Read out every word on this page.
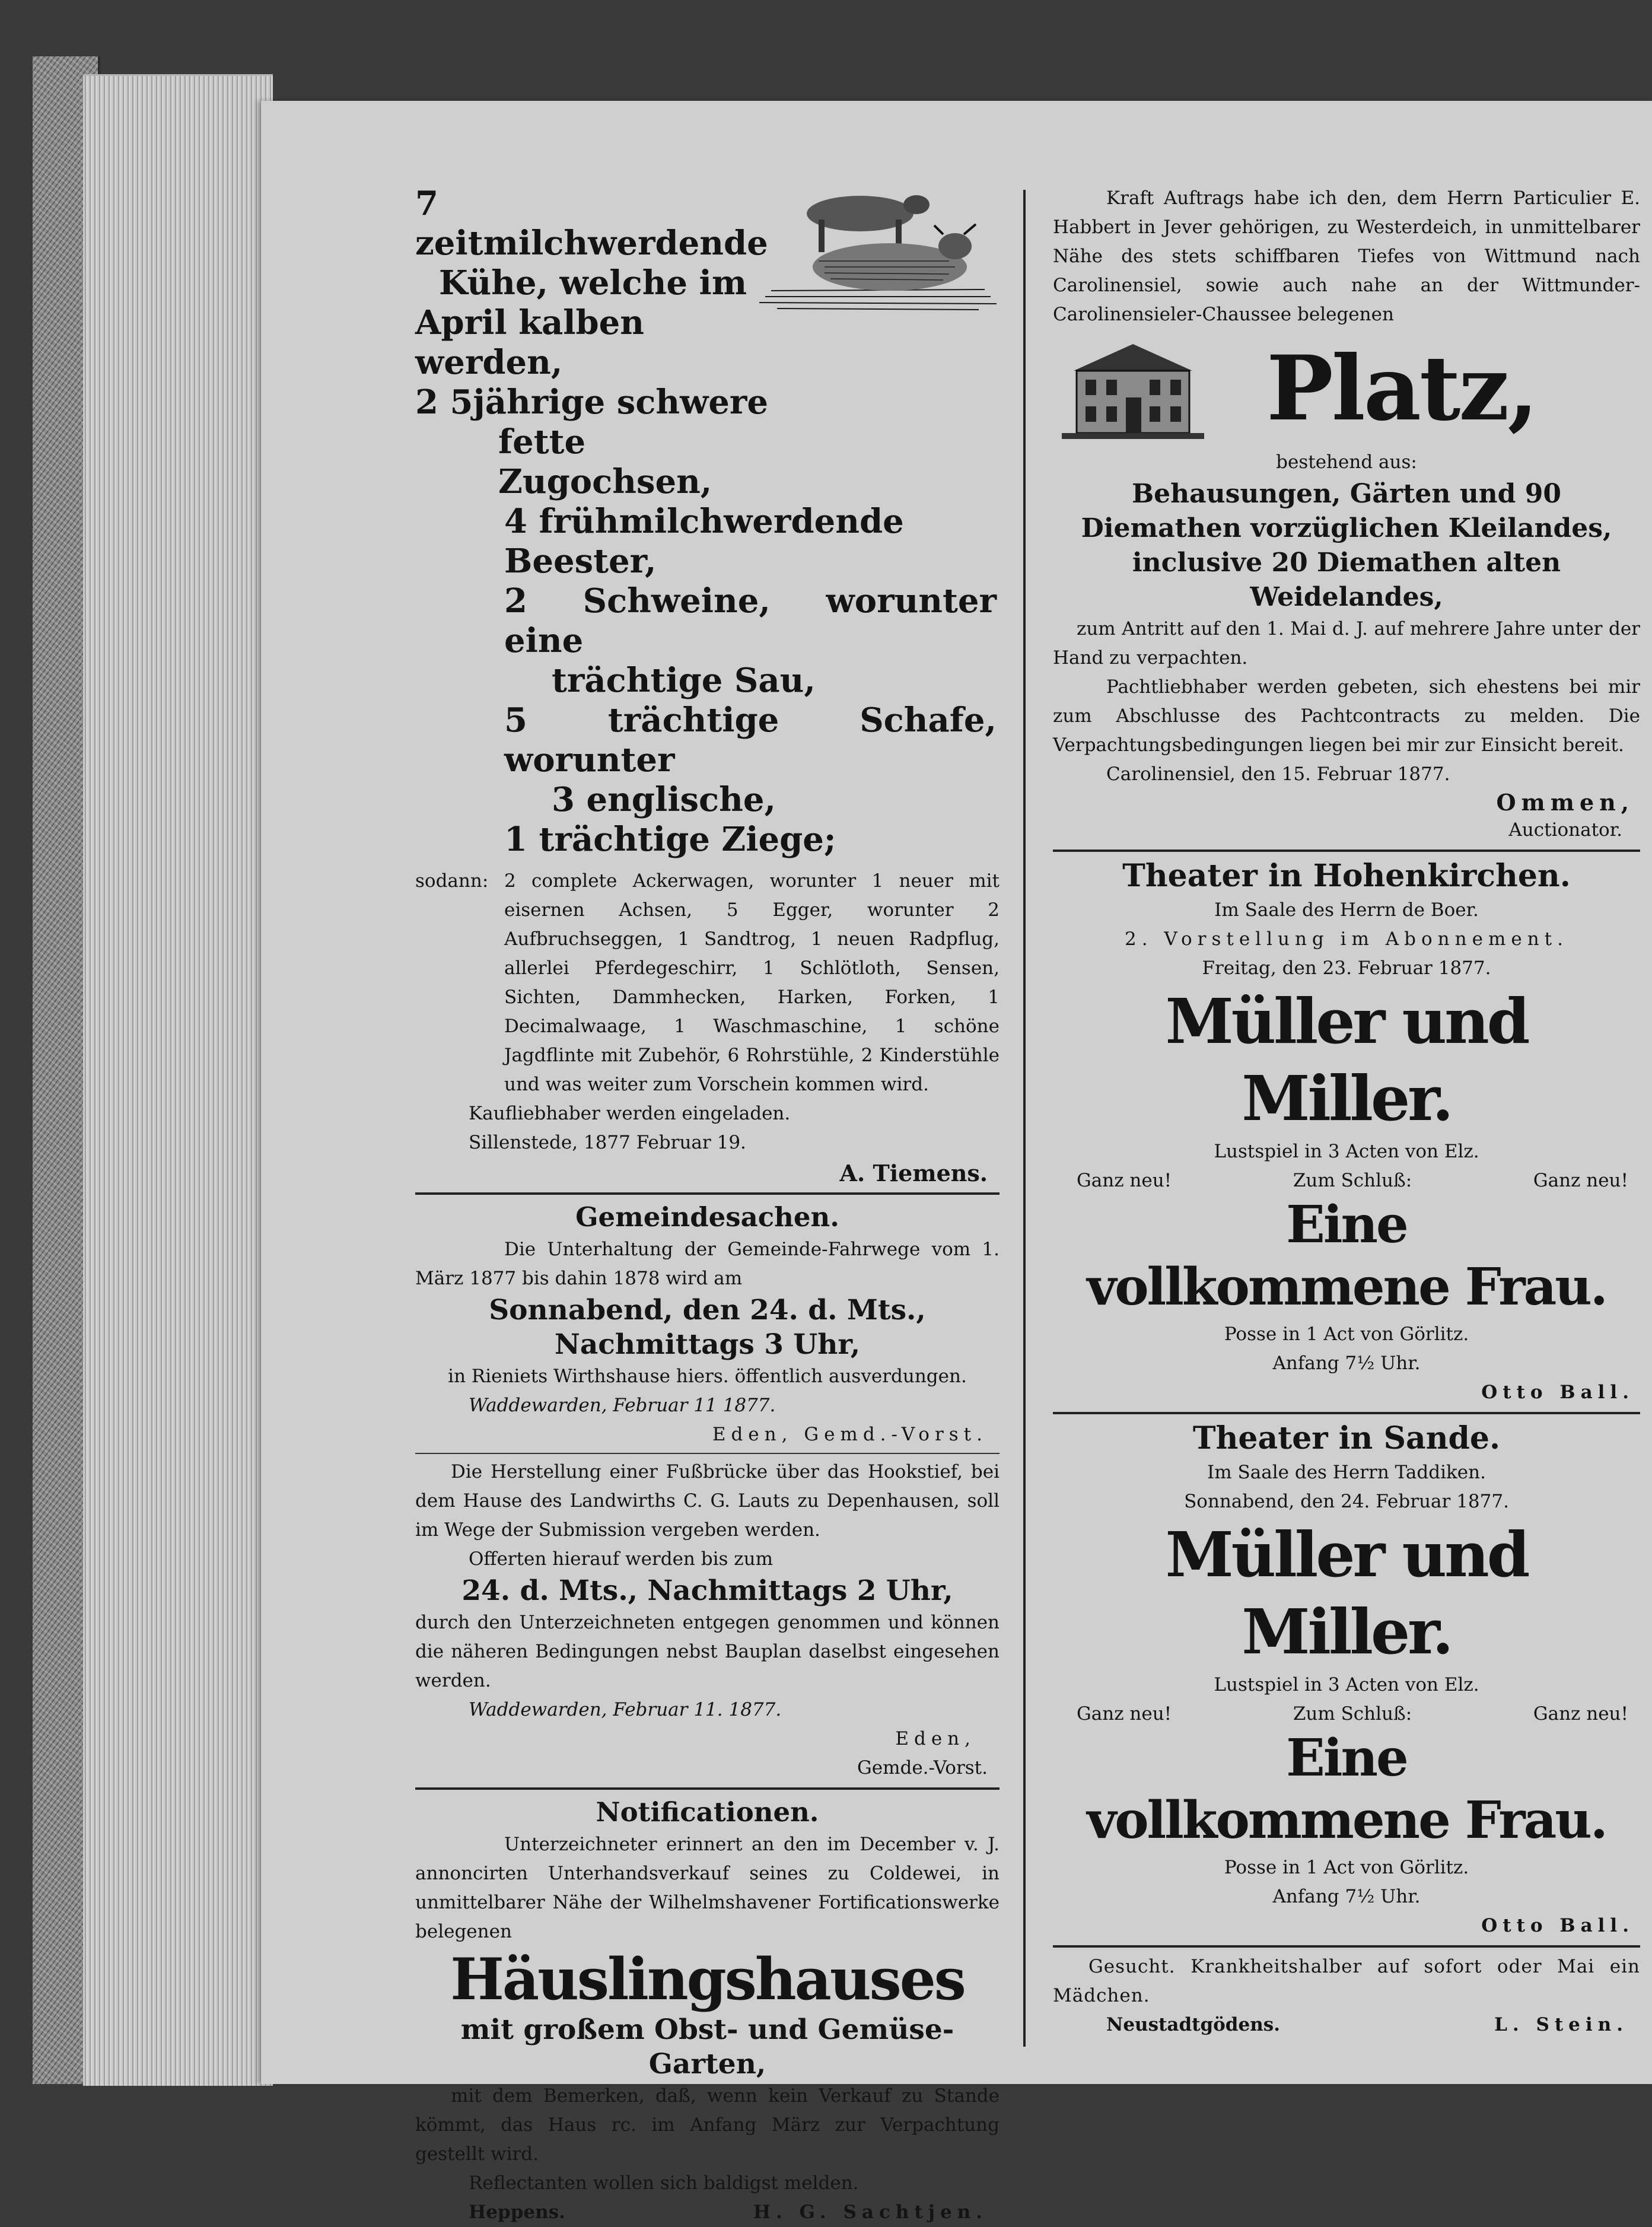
7 zeitmilchwerdende

Kühe, welche im

April kalben werden,

2 5jährige schwere

fette Zugochsen,

4 frühmilchwerdende Beester,

2 Schweine, worunter eine

trächtige Sau,

5 trächtige Schafe, worunter

3 englische,

1 trächtige Ziege;

sodann: 2 complete Ackerwagen, worunter 1 neuer mit eisernen Achsen, 5 Egger, worunter 2 Aufbruchseggen, 1 Sandtrog, 1 neuen Radpflug, allerlei Pferdegeschirr, 1 Schlötloth, Sensen, Sichten, Dammhecken, Harken, Forken, 1 Decimalwaage, 1 Waschmaschine, 1 schöne Jagdflinte mit Zubehör, 6 Rohrstühle, 2 Kinderstühle und was weiter zum Vorschein kommen wird.

Kaufliebhaber werden eingeladen.

Sillenstede, 1877 Februar 19.

A. Tiemens.

Gemeindesachen.

Die Unterhaltung der Gemeinde-Fahrwege vom 1. März 1877 bis dahin 1878 wird am

Sonnabend, den 24. d. Mts.,

Nachmittags 3 Uhr,

in Rieniets Wirthshause hiers. öffentlich ausverdungen.

Waddewarden, Februar 11 1877.

Eden, Gemd.-Vorst.

Die Herstellung einer Fußbrücke über das Hookstief, bei dem Hause des Landwirths C. G. Lauts zu Depenhausen, soll im Wege der Submission vergeben werden.

Offerten hierauf werden bis zum

24. d. Mts., Nachmittags 2 Uhr,

durch den Unterzeichneten entgegen genommen und können die näheren Bedingungen nebst Bauplan daselbst eingesehen werden.

Waddewarden, Februar 11. 1877.

Eden,

Gemde.-Vorst.

Notificationen.

Unterzeichneter erinnert an den im December v. J. annoncirten Unterhandsverkauf seines zu Coldewei, in unmittelbarer Nähe der Wilhelmshavener Fortificationswerke belegenen

Häuslingshauses

mit großem Obst- und Gemüse-

Garten,

mit dem Bemerken, daß, wenn kein Verkauf zu Stande kömmt, das Haus rc. im Anfang März zur Verpachtung gestellt wird.

Reflectanten wollen sich baldigst melden.

Heppens.	H. G. Sachtjen.

Kraft Auftrags habe ich den, dem Herrn Particulier E. Habbert in Jever gehörigen, zu Westerdeich, in unmittelbarer Nähe des stets schiffbaren Tiefes von Wittmund nach Carolinensiel, sowie auch nahe an der Wittmunder-Carolinensieler-Chaussee belegenen

Platz,

bestehend aus:

Behausungen, Gärten und 90 Diemathen vorzüglichen Kleilandes, inclusive 20 Diemathen alten Weidelandes,

zum Antritt auf den 1. Mai d. J. auf mehrere Jahre unter der Hand zu verpachten.

Pachtliebhaber werden gebeten, sich ehestens bei mir zum Abschlusse des Pachtcontracts zu melden. Die Verpachtungsbedingungen liegen bei mir zur Einsicht bereit.

Carolinensiel, den 15. Februar 1877.

Ommen,

Auctionator.

Theater in Hohenkirchen.

Im Saale des Herrn de Boer.

2. Vorstellung im Abonnement.

Freitag, den 23. Februar 1877.

Müller und Miller.

Lustspiel in 3 Acten von Elz.

Ganz neu!	Zum Schluß:	Ganz neu!

Eine

vollkommene Frau.

Posse in 1 Act von Görlitz.

Anfang 7½ Uhr.

Otto Ball.

Theater in Sande.

Im Saale des Herrn Taddiken.

Sonnabend, den 24. Februar 1877.

Müller und Miller.

Lustspiel in 3 Acten von Elz.

Ganz neu!	Zum Schluß:	Ganz neu!

Eine

vollkommene Frau.

Posse in 1 Act von Görlitz.

Anfang 7½ Uhr.

Otto Ball.

Gesucht. Krankheitshalber auf sofort oder Mai ein Mädchen.

Neustadtgödens.	L. Stein.
